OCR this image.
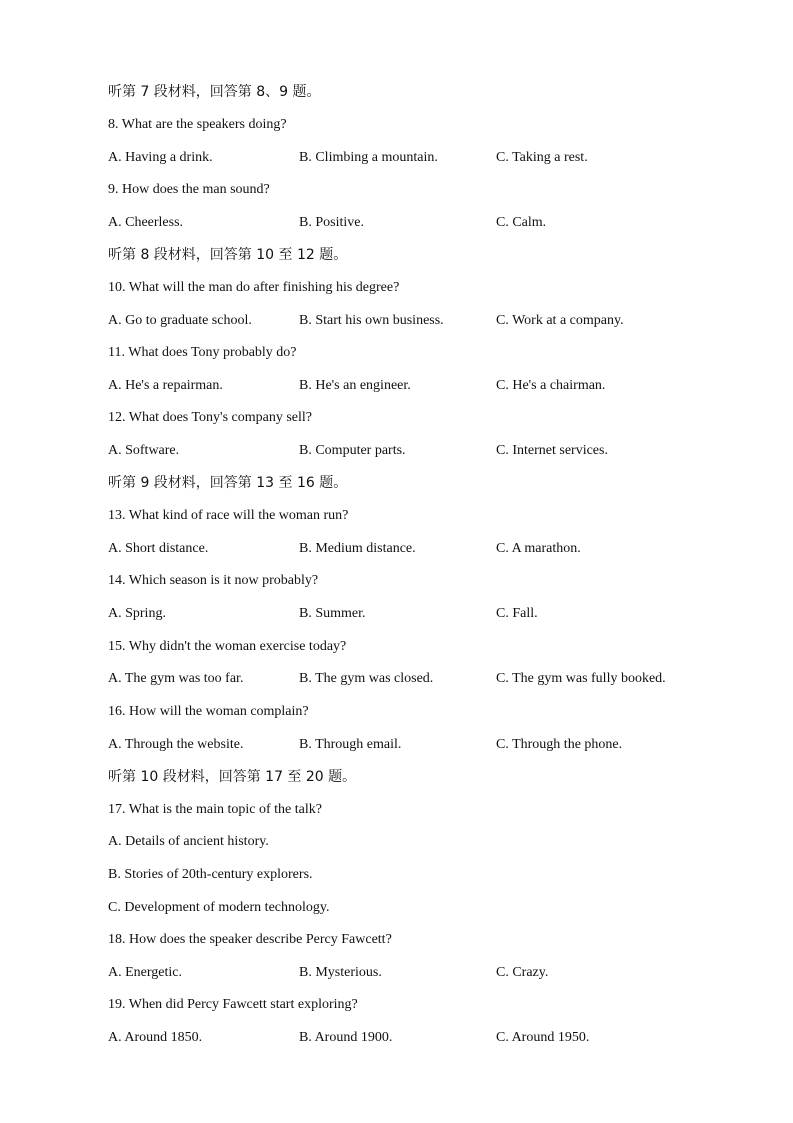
听第 7 段材料，回答第 8、9 题。
8. What are the speakers doing?
A. Having a drink.	B. Climbing a mountain.	C. Taking a rest.
9. How does the man sound?
A. Cheerless.	B. Positive.	C. Calm.
听第 8 段材料，回答第 10 至 12 题。
10. What will the man do after finishing his degree?
A. Go to graduate school.	B. Start his own business.	C. Work at a company.
11. What does Tony probably do?
A. He's a repairman.	B. He's an engineer.	C. He's a chairman.
12. What does Tony's company sell?
A. Software.	B. Computer parts.	C. Internet services.
听第 9 段材料，回答第 13 至 16 题。
13. What kind of race will the woman run?
A. Short distance.	B. Medium distance.	C. A marathon.
14. Which season is it now probably?
A. Spring.	B. Summer.	C. Fall.
15. Why didn't the woman exercise today?
A. The gym was too far.	B. The gym was closed.	C. The gym was fully booked.
16. How will the woman complain?
A. Through the website.	B. Through email.	C. Through the phone.
听第 10 段材料，回答第 17 至 20 题。
17. What is the main topic of the talk?
A. Details of ancient history.
B. Stories of 20th-century explorers.
C. Development of modern technology.
18. How does the speaker describe Percy Fawcett?
A. Energetic.	B. Mysterious.	C. Crazy.
19. When did Percy Fawcett start exploring?
A. Around 1850.	B. Around 1900.	C. Around 1950.
